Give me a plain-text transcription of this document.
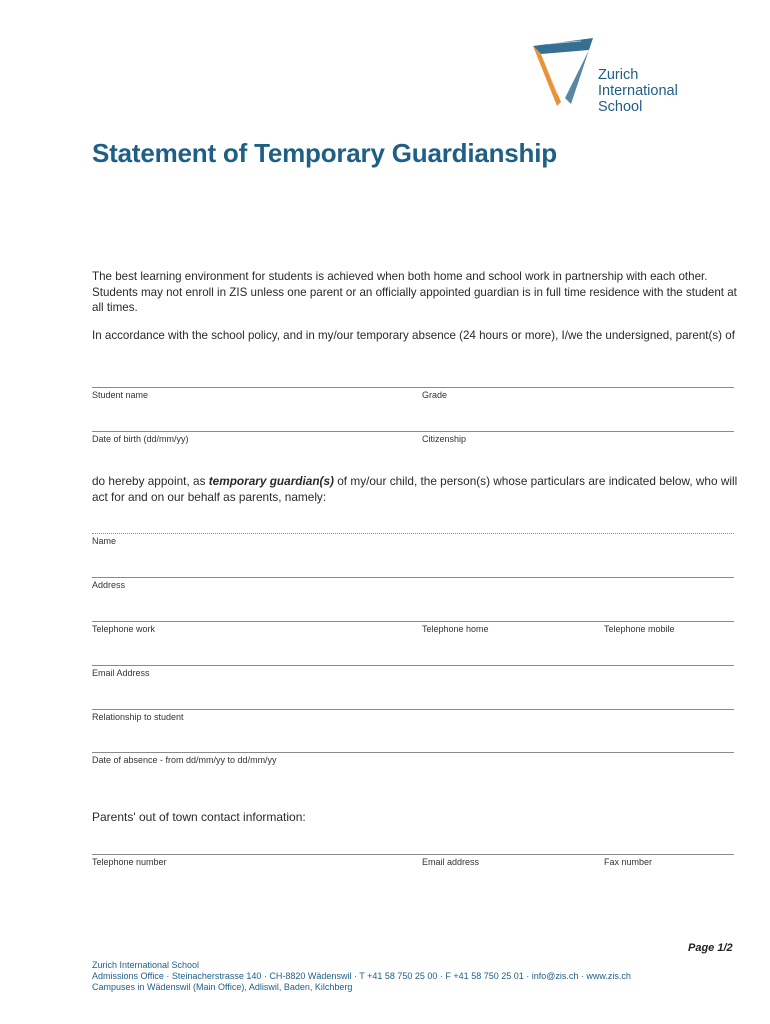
Zurich
International
School
Statement of Temporary Guardianship
The best learning environment for students is achieved when both home and school work in partnership with each other. Students may not enroll in ZIS unless one parent or an officially appointed guardian is in full time residence with the student at all times.
In accordance with the school policy, and in my/our temporary absence (24 hours or more), I/we the undersigned, parent(s) of
Student name	Grade
Date of birth (dd/mm/yy)	Citizenship
do hereby appoint, as temporary guardian(s) of my/our child, the person(s) whose particulars are indicated below, who will act for and on our behalf as parents, namely:
Name
Address
Telephone work	Telephone home	Telephone mobile
Email Address
Relationship to student
Date of absence - from dd/mm/yy to dd/mm/yy
Parents' out of town contact information:
Telephone number	Email address	Fax number
Page 1/2
Zurich International School
Admissions Office · Steinacherstrasse 140 · CH-8820 Wädenswil · T +41 58 750 25 00 · F +41 58 750 25 01 · info@zis.ch · www.zis.ch
Campuses in Wädenswil (Main Office), Adliswil, Baden, Kilchberg
